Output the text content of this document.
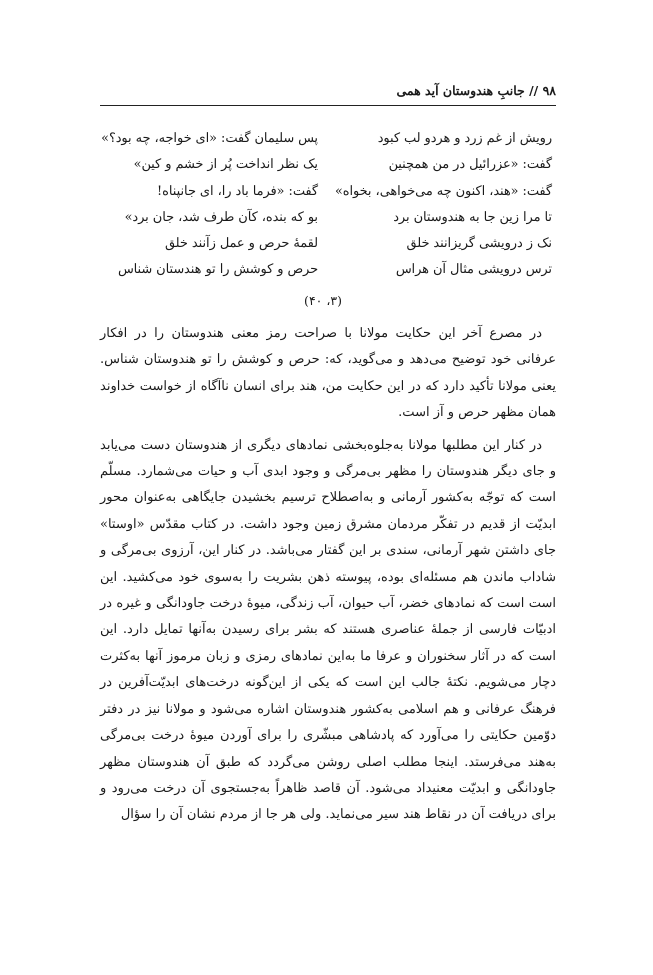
۹۸ // جانبِ هندوستان آید همی
رویش از غم زرد و هردو لب کبود
پس سلیمان گفت: «ای خواجه، چه بود؟»
گفت: «عزرائیل در من همچنین
یک نظر انداخت پُر از خشم و کین»
گفت: «هند، اکنون چه می‌خواهی، بخواه»
گفت: «فرما باد را، ای جانپناه!
تا مرا زین جا به هندوستان برد
بو که بنده، کآن طرف شد، جان برد»
نک ز درویشی گریزانند خلق
لقمهٔ حرص و عمل زآنند خلق
ترس درویشی مثال آن هراس
حرص و کوشش را تو هندستان شناس
(۳، ۴۰)

در مصرع آخر این حکایت مولانا با صراحت رمز معنی هندوستان را در افکار عرفانی خود توضیح می‌دهد و می‌گوید، که: حرص و کوشش را تو هندوستان شناس. یعنی مولانا تأکید دارد که در این حکایت من، هند برای انسان ناآگاه از خواست خداوند همان مظهر حرص و آز است.

در کنار این مطلبها مولانا به‌جلوه‌بخشی نمادهای دیگری از هندوستان دست می‌یابد و جای دیگر هندوستان را مظهر بی‌مرگی و وجود ابدی آب و حیات می‌شمارد. مسلّم است که توجّه به‌کشور آرمانی و به‌اصطلاح ترسیم بخشیدن جایگاهی به‌عنوان محور ابدیّت از قدیم در تفکّر مردمان مشرق زمین وجود داشت. در کتاب مقدّس «اوستا» جای داشتن شهر آرمانی، سندی بر این گفتار می‌باشد. در کنار این، آرزوی بی‌مرگی و شاداب ماندن هم مسئله‌ای بوده، پیوسته ذهن بشریت را به‌سوی خود می‌کشید. این است است که نمادهای خضر، آب حیوان، آب زندگی، میوهٔ درخت جاودانگی و غیره در ادبیّات فارسی از جملهٔ عناصری هستند که بشر برای رسیدن به‌آنها تمایل دارد. این است که در آثار سخنوران و عرفا ما به‌این نمادهای رمزی و زبان مرموز آنها به‌کثرت دچار می‌شویم. نکتهٔ جالب این است که یکی از این‌گونه درخت‌های ابدیّت‌آفرین در فرهنگ عرفانی و هم اسلامی به‌کشور هندوستان اشاره می‌شود و مولانا نیز در دفتر دوّمین حکایتی را می‌آورد که پادشاهی مبشّری را برای آوردن میوهٔ درخت بی‌مرگی به‌هند می‌فرستد. اینجا مطلب اصلی روشن می‌گردد که طبق آن هندوستان مظهر جاودانگی و ابدیّت معنیداد می‌شود. آن قاصد ظاهراً به‌جستجوی آن درخت می‌رود و برای دریافت آن در نقاط هند سیر می‌نماید. ولی هر جا از مردم نشان آن را سؤال
